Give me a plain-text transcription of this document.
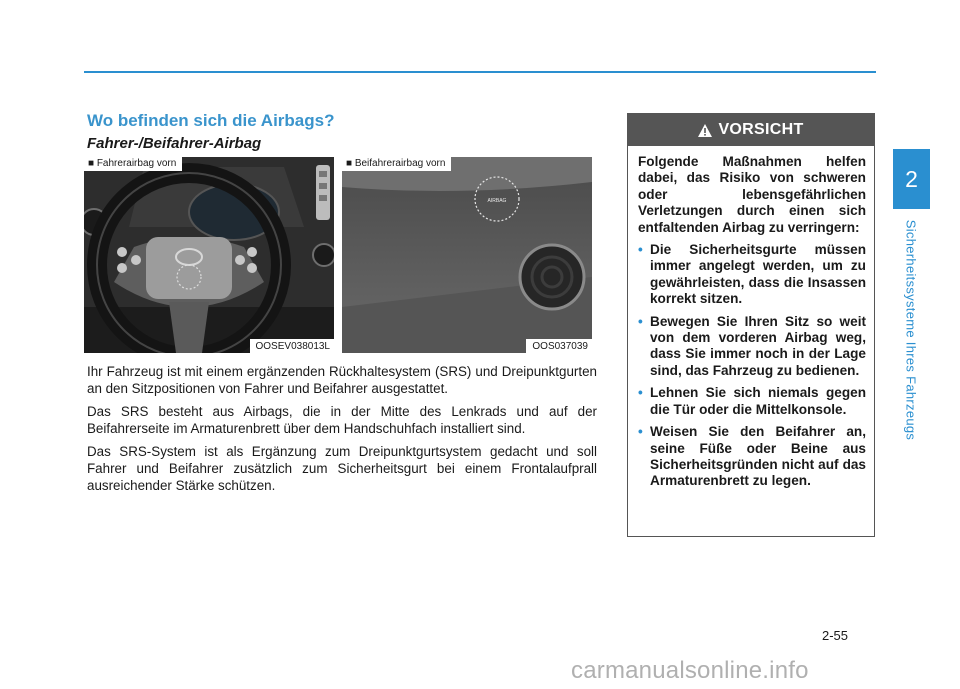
2
Sicherheitssysteme Ihres Fahrzeugs
Wo befinden sich die Airbags?
Fahrer-/Beifahrer-Airbag
■ Fahrerairbag vorn
OOSEV038013L
AIRBAG
■ Beifahrerairbag vorn
OOS037039

Ihr Fahrzeug ist mit einem ergänzenden Rückhaltesystem (SRS) und Dreipunktgurten an den Sitzpositionen von Fahrer und Beifahrer ausgestattet.

Das SRS besteht aus Airbags, die in der Mitte des Lenkrads und auf der Beifahrerseite im Armaturenbrett über dem Handschuhfach installiert sind.

Das SRS-System ist als Ergänzung zum Dreipunktgurtsystem gedacht und soll Fahrer und Beifahrer zusätzlich zum Sicherheitsgurt bei einem Frontalaufprall ausreichender Stärke schützen.

VORSICHT

Folgende Maßnahmen helfen dabei, das Risiko von schweren oder lebensgefährlichen Verletzungen durch einen sich entfaltenden Airbag zu verringern:

• Die Sicherheitsgurte müssen immer angelegt werden, um zu gewährleisten, dass die Insassen korrekt sitzen.
• Bewegen Sie Ihren Sitz so weit von dem vorderen Airbag weg, dass Sie immer noch in der Lage sind, das Fahrzeug zu bedienen.
• Lehnen Sie sich niemals gegen die Tür oder die Mittelkonsole.
• Weisen Sie den Beifahrer an, seine Füße oder Beine aus Sicherheitsgründen nicht auf das Armaturenbrett zu legen.
2-55
carmanualsonline.info
